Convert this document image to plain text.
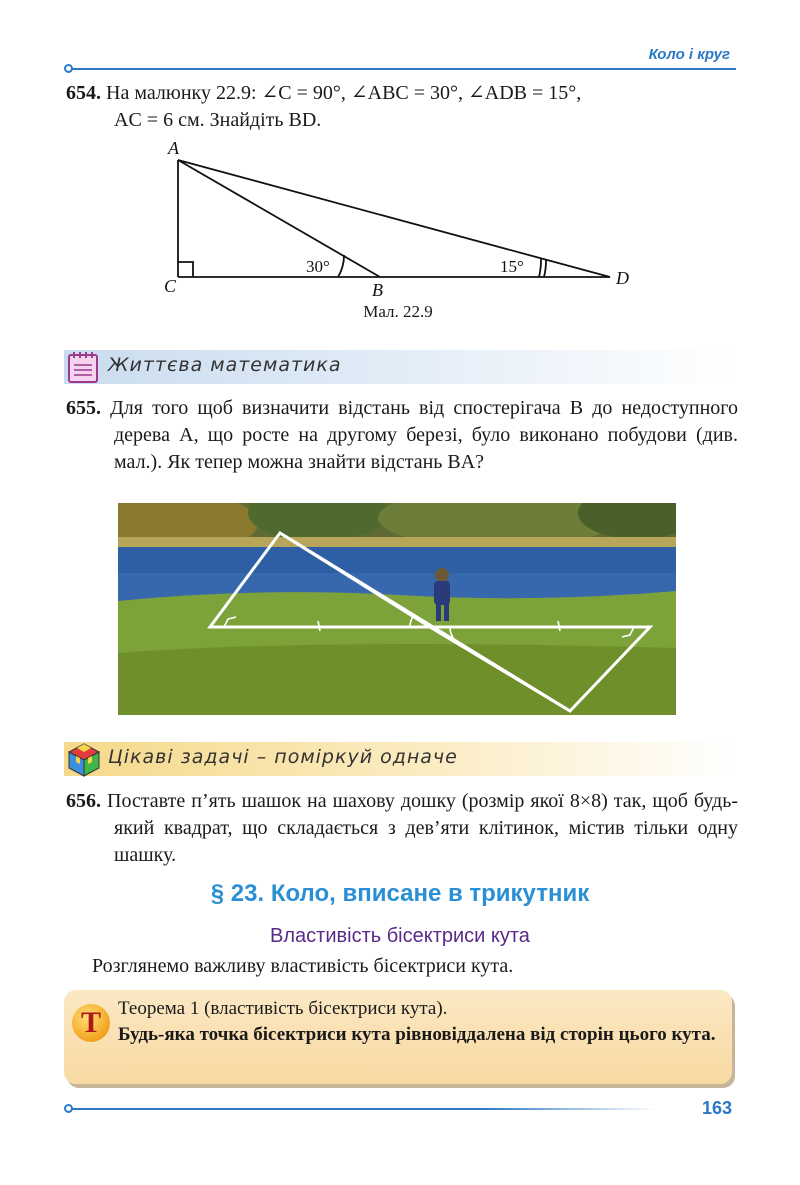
Коло і круг
654. На малюнку 22.9: ∠C = 90°, ∠ABC = 30°, ∠ADB = 15°,
AC = 6 см. Знайдіть BD.
A
C	B
D
30°	15°
Мал. 22.9
Життєва математика
655. Для того щоб визначити відстань від спостерігача B до недоступного дерева A, що росте на другому березі, було виконано побудови (див. мал.). Як тепер можна знайти відстань BA?
Цікаві задачі – поміркуй одначе
656. Поставте п’ять шашок на шахову дошку (розмір якої 8×8) так, щоб будь-який квадрат, що складається з дев’яти клітинок, містив тільки одну шашку.
§ 23. Коло, вписане в трикутник
Властивість бісектриси кута
Розглянемо важливу властивість бісектриси кута.
Т Теорема 1 (властивість бісектриси кута).
Будь-яка точка бісектриси кута рівновіддалена від сторін цього кута.
163
